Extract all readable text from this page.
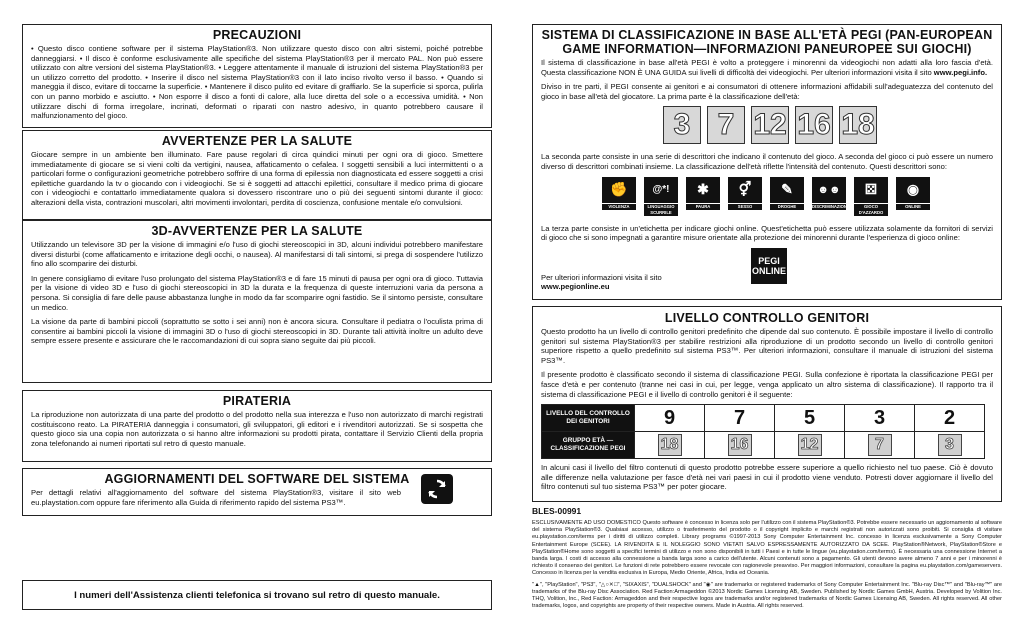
PRECAUZIONI
• Questo disco contiene software per il sistema PlayStation®3. Non utilizzare questo disco con altri sistemi, poiché potrebbe danneggiarsi. • Il disco è conforme esclusivamente alle specifiche del sistema PlayStation®3 per il mercato PAL. Non può essere utilizzato con altre versioni del sistema PlayStation®3. • Leggere attentamente il manuale di istruzioni del sistema PlayStation®3 per un utilizzo corretto del prodotto. • Inserire il disco nel sistema PlayStation®3 con il lato inciso rivolto verso il basso. • Quando si maneggia il disco, evitare di toccarne la superficie. • Mantenere il disco pulito ed evitare di graffiarlo. Se la superficie si sporca, pulirla con un panno morbido e asciutto. • Non esporre il disco a fonti di calore, alla luce diretta del sole o a eccessiva umidità. • Non utilizzare dischi di forma irregolare, incrinati, deformati o riparati con nastro adesivo, in quanto potrebbero causare il malfunzionamento del gioco.
AVVERTENZE PER LA SALUTE
Giocare sempre in un ambiente ben illuminato. Fare pause regolari di circa quindici minuti per ogni ora di gioco. Smettere immediatamente di giocare se si vieni colti da vertigini, nausea, affaticamento o cefalea. I soggetti sensibili a luci intermittenti o a particolari forme o configurazioni geometriche potrebbero soffrire di una forma di epilessia non diagnosticata ed essere soggetti a crisi epilettiche guardando la tv o giocando con i videogiochi. Se si è soggetti ad attacchi epilettici, consultare il medico prima di giocare con i videogiochi e contattarlo immediatamente qualora si dovessero riscontrare uno o più dei seguenti sintomi durante il gioco: alterazioni della vista, contrazioni muscolari, altri movimenti involontari, perdita di coscienza, confusione mentale e/o convulsioni.
3D-AVVERTENZE PER LA SALUTE
Utilizzando un televisore 3D per la visione di immagini e/o l'uso di giochi stereoscopici in 3D, alcuni individui potrebbero manifestare diversi disturbi (come affaticamento e irritazione degli occhi, o nausea). Al manifestarsi di tali sintomi, si prega di sospendere l'utilizzo fino allo scomparire dei disturbi.
In genere consigliamo di evitare l'uso prolungato del sistema PlayStation®3 e di fare 15 minuti di pausa per ogni ora di gioco. Tuttavia per la visione di video 3D e l'uso di giochi stereoscopici in 3D la durata e la frequenza di queste interruzioni varia da persona a persona. Si consiglia di fare delle pause abbastanza lunghe in modo da far scomparire ogni fastidio. Se il sintomo persiste, consultare un medico.
La visione da parte di bambini piccoli (soprattutto se sotto i sei anni) non è ancora sicura. Consultare il pediatra o l'oculista prima di consentire ai bambini piccoli la visione di immagini 3D o l'uso di giochi stereoscopici in 3D. Durante tali attività inoltre un adulto deve sempre essere presente e assicurare che le raccomandazioni di cui sopra siano seguite dai più piccoli.
PIRATERIA
La riproduzione non autorizzata di una parte del prodotto o del prodotto nella sua interezza e l'uso non autorizzato di marchi registrati costituiscono reato. La PIRATERIA danneggia i consumatori, gli sviluppatori, gli editori e i rivenditori autorizzati. Se si sospetta che questo gioco sia una copia non autorizzata o si hanno altre informazioni su prodotti pirata, contattare il Servizio Clienti della propria zona telefonando ai numeri riportati sul retro di questo manuale.
AGGIORNAMENTI DEL SOFTWARE DEL SISTEMA
Per dettagli relativi all'aggiornamento del software del sistema PlayStation®3, visitare il sito web eu.playstation.com oppure fare riferimento alla Guida di riferimento rapido del sistema PS3™.
I numeri dell'Assistenza clienti telefonica si trovano sul retro di questo manuale.
SISTEMA DI CLASSIFICAZIONE IN BASE ALL'ETÀ PEGI (PAN-EUROPEAN
GAME INFORMATION—INFORMAZIONI PANEUROPEE SUI GIOCHI)
Il sistema di classificazione in base all'età PEGI è volto a proteggere i minorenni da videogiochi non adatti alla loro fascia d'età. Questa classificazione NON È UNA GUIDA sui livelli di difficoltà dei videogiochi. Per ulteriori informazioni visita il sito www.pegi.info.
Diviso in tre parti, il PEGI consente ai genitori e ai consumatori di ottenere informazioni affidabili sull'adeguatezza del contenuto del gioco in base all'età del giocatore. La prima parte è la classificazione dell'età:
3 7 12 16 18
La seconda parte consiste in una serie di descrittori che indicano il contenuto del gioco. A seconda del gioco ci può essere un numero diverso di descrittori combinati insieme. La classificazione dell'età riflette l'intensità del contenuto. Questi descrittori sono:
✊
VIOLENZA
@*!
LINGUAGGIO SCURRILE
✱
PAURA
⚥
SESSO
✎
DROGHE
☻☻
DISCRIMINAZIONE
⚄
GIOCO D'AZZARDO
◉
ONLINE
La terza parte consiste in un'etichetta per indicare giochi online. Quest'etichetta può essere utilizzata solamente da fornitori di servizi di gioco che si sono impegnati a garantire misure orientate alla protezione dei minorenni durante l'esperienza di gioco online:
Per ulteriori informazioni visita il sito
www.pegionline.eu
PEGI
ONLINE
LIVELLO CONTROLLO GENITORI
Questo prodotto ha un livello di controllo genitori predefinito che dipende dal suo contenuto. È possibile impostare il livello di controllo genitori sul sistema PlayStation®3 per stabilire restrizioni alla riproduzione di un prodotto secondo un livello di controllo genitori superiore rispetto a quello predefinito sul sistema PS3™. Per ulteriori informazioni, consultare il manuale di istruzioni del sistema PS3™.
Il presente prodotto è classificato secondo il sistema di classificazione PEGI. Sulla confezione è riportata la classificazione PEGI per fasce d'età e per contenuto (tranne nei casi in cui, per legge, venga applicato un altro sistema di classificazione). Il rapporto tra il sistema di classificazione PEGI e il livello di controllo genitori è il seguente:
LIVELLO DEL CONTROLLO DEI GENITORI	9	7	5	3	2
GRUPPO ETÀ — CLASSIFICAZIONE PEGI	18	16	12	7	3
In alcuni casi il livello del filtro contenuti di questo prodotto potrebbe essere superiore a quello richiesto nel tuo paese. Ciò è dovuto alle differenze nella valutazione per fasce d'età nei vari paesi in cui il prodotto viene venduto. Potresti dover aggiornare il livello del filtro contenuti sul tuo sistema PS3™ per poter giocare.
BLES-00991

ESCLUSIVAMENTE AD USO DOMESTICO Questo software è concesso in licenza solo per l'utilizzo con il sistema PlayStation®3. Potrebbe essere necessario un aggiornamento al software del sistema PlayStation®3. Qualsiasi accesso, utilizzo o trasferimento del prodotto o il copyright implicito e marchi registrati non autorizzati sono proibiti. Si consiglia di visitare eu.playstation.com/terms per i diritti di utilizzo completi. Library programs ©1997-2013 Sony Computer Entertainment Inc. concesso in licenza esclusivamente a Sony Computer Entertainment Europe (SCEE). LA RIVENDITA E IL NOLEGGIO SONO VIETATI SALVO ESPRESSAMENTE AUTORIZZATO DA SCEE. PlayStation®Network, PlayStation®Store e PlayStation®Home sono soggetti a specifici termini di utilizzo e non sono disponibili in tutti i Paesi e in tutte le lingue (eu.playstation.com/terms). È necessaria una connessione Internet a banda larga. I costi di accesso alla connessione a banda larga sono a carico dell'utente. Alcuni contenuti sono a pagamento. Gli utenti devono avere almeno 7 anni e per i minorenni è richiesto il consenso dei genitori. Le funzioni di rete potrebbero essere revocate con ragionevole preavviso. Per maggiori informazioni, consultare la pagina eu.playstation.com/gameservers. Concesso in licenza per la vendita esclusiva in Europa, Medio Oriente, Africa, India ed Oceania.

"▲", "PlayStation", "PS3", "△○✕□", "SIXAXIS", "DUALSHOCK" and "◉" are trademarks or registered trademarks of Sony Computer Entertainment Inc. "Blu-ray Disc™" and "Blu-ray™" are trademarks of the Blu-ray Disc Association. Red Faction:Armageddon ©2013 Nordic Games Licensing AB, Sweden. Published by Nordic Games GmbH, Austria. Developed by Volition Inc. THQ, Volition, Inc., Red Faction: Armageddon and their respective logos are trademarks and/or registered trademarks of Nordic Games Licensing AB, Sweden. All rights reserved. All other trademarks, logos, and copyrights are property of their respective owners. Made in Austria. All rights reserved.
